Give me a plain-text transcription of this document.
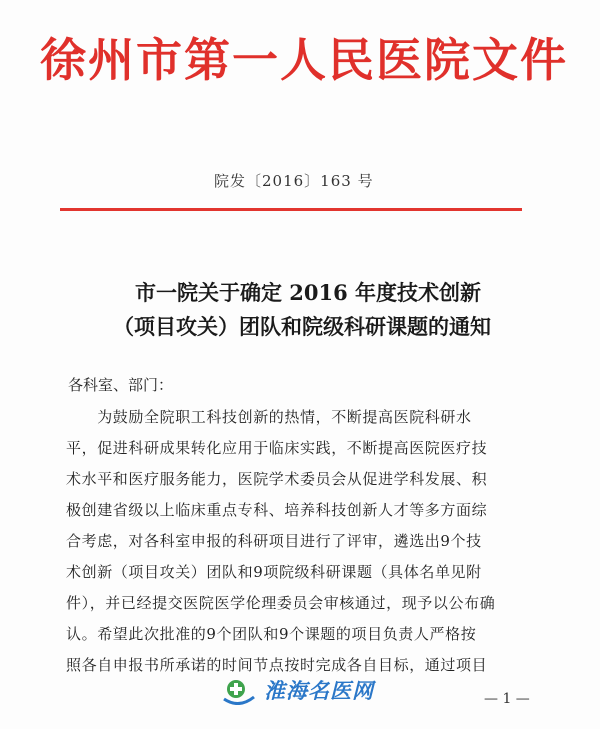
徐州市第一人民医院文件
院发〔2016〕163 号
市一院关于确定 2016 年度技术创新
（项目攻关）团队和院级科研课题的通知
各科室、部门：
　　为鼓励全院职工科技创新的热情，不断提高医院科研水
平，促进科研成果转化应用于临床实践，不断提高医院医疗技
术水平和医疗服务能力，医院学术委员会从促进学科发展、积
极创建省级以上临床重点专科、培养科技创新人才等多方面综
合考虑，对各科室申报的科研项目进行了评审，遴选出9个技
术创新（项目攻关）团队和9项院级科研课题（具体名单见附
件），并已经提交医院医学伦理委员会审核通过，现予以公布确
认。希望此次批准的9个团队和9个课题的项目负责人严格按
照各自申报书所承诺的时间节点按时完成各自目标，通过项目
淮海名医网	— 1 —
